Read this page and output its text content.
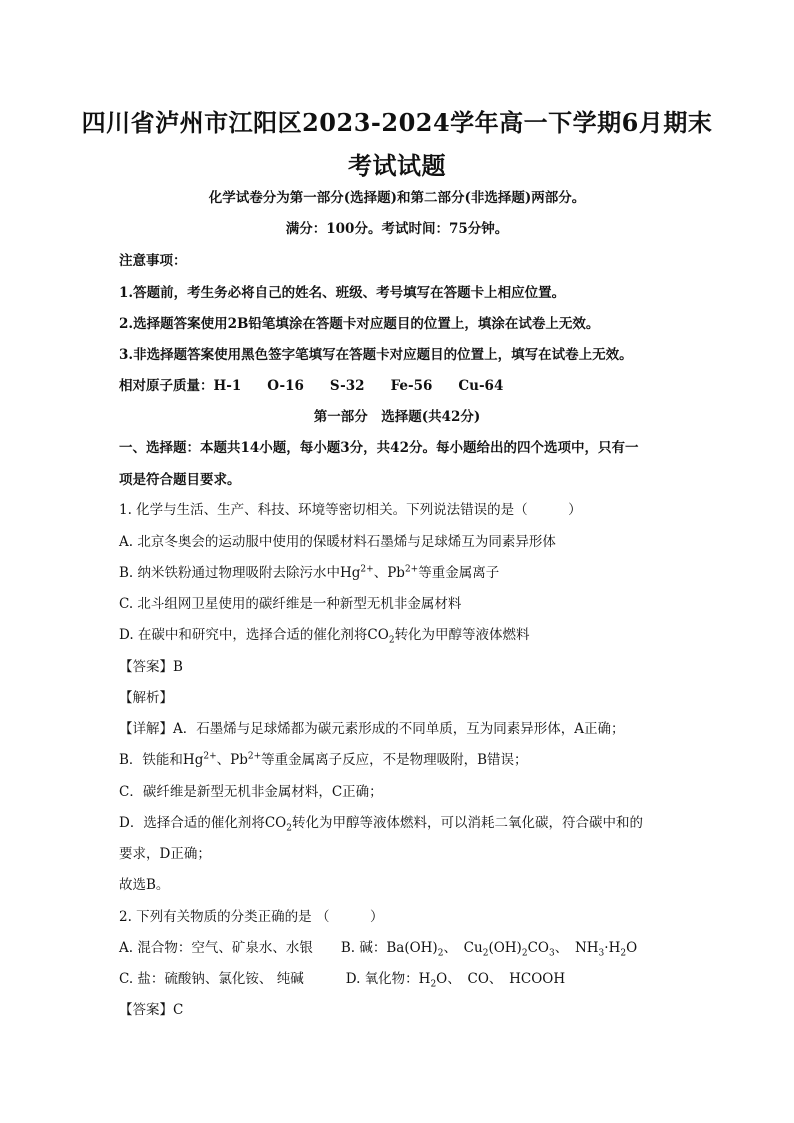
四川省泸州市江阳区2023-2024学年高一下学期6月期末
考试试题
化学试卷分为第一部分(选择题)和第二部分(非选择题)两部分。
满分：100分。考试时间：75分钟。
注意事项：
1.答题前，考生务必将自己的姓名、班级、考号填写在答题卡上相应位置。
2.选择题答案使用2B铅笔填涂在答题卡对应题目的位置上，填涂在试卷上无效。
3.非选择题答案使用黑色签字笔填写在答题卡对应题目的位置上，填写在试卷上无效。
相对原子质量：H-1 O-16 S-32 Fe-56 Cu-64
第一部分　选择题(共42分)
一、选择题：本题共14小题，每小题3分，共42分。每小题给出的四个选项中，只有一
项是符合题目要求。
1. 化学与生活、生产、科技、环境等密切相关。下列说法错误的是（　　　）
A. 北京冬奥会的运动服中使用的保暖材料石墨烯与足球烯互为同素异形体
B. 纳米铁粉通过物理吸附去除污水中$Hg^{2+}$、$Pb^{2+}$等重金属离子
C. 北斗组网卫星使用的碳纤维是一种新型无机非金属材料
D. 在碳中和研究中，选择合适的催化剂将$CO_2$转化为甲醇等液体燃料
【答案】B
【解析】
【详解】A．石墨烯与足球烯都为碳元素形成的不同单质，互为同素异形体，A正确；
B．铁能和$Hg^{2+}$、$Pb^{2+}$等重金属离子反应，不是物理吸附，B错误；
C．碳纤维是新型无机非金属材料，C正确；
D．选择合适的催化剂将$CO_2$转化为甲醇等液体燃料，可以消耗二氧化碳，符合碳中和的
要求，D正确；
故选B。
2. 下列有关物质的分类正确的是 （　　　）
A. 混合物：空气、矿泉水、水银 B. 碱：$Ba(OH)_2$、　$Cu_2(OH)_2CO_3$、　$NH_3\cdot H_2O$
C. 盐：硫酸钠、氯化铵、 纯碱	D. 氧化物：$H_2O$、　CO、　HCOOH
【答案】C
